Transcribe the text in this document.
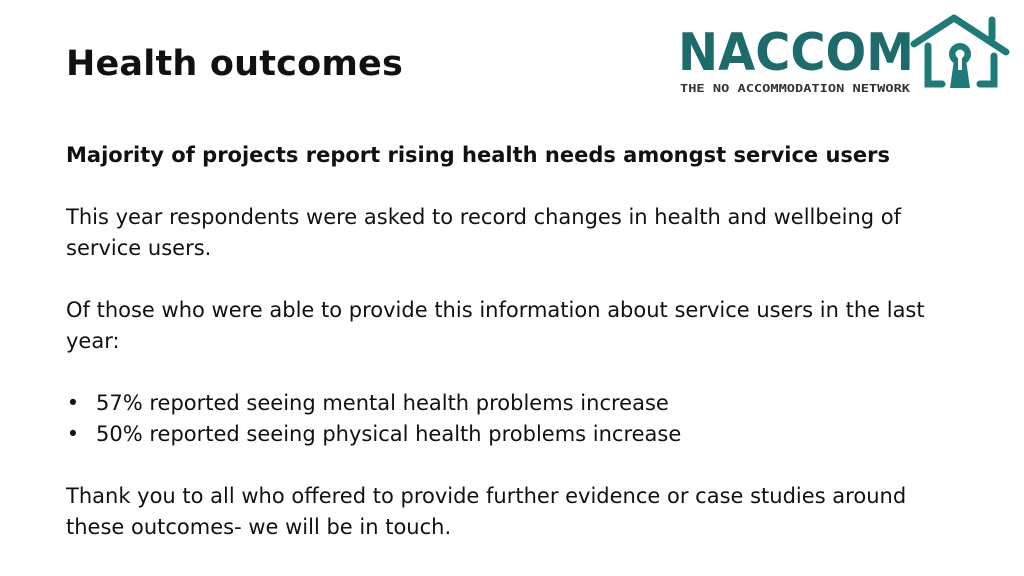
Health outcomes	NACCOM
THE NO ACCOMMODATION NETWORK

Majority of projects report rising health needs amongst service users

This year respondents were asked to record changes in health and wellbeing of service users.

Of those who were able to provide this information about service users in the last year:

• 57% reported seeing mental health problems increase
• 50% reported seeing physical health problems increase

Thank you to all who offered to provide further evidence or case studies around these outcomes- we will be in touch.
